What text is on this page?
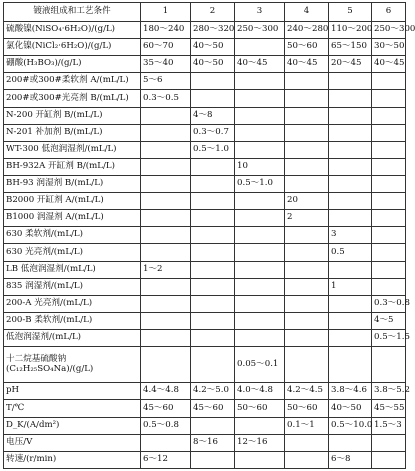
镀液组成和工艺条件	1	2	3	4	5	6
硫酸镍(NiSO₄·6H₂O)/(g/L)	180～240	280～320	250～300	240～280	110～200	250～300
氯化镍(NiCl₂·6H₂O)/(g/L)	60～70	40～50		50～60	65～150	30～50
硼酸(H₃BO₃)/(g/L)	35～40	40～50	40～45	40～45	20～45	40～45
200#或300#柔软剂 A/(mL/L)	5～6					
200#或300#光亮剂 B/(mL/L)	0.3～0.5					
N-200 开缸剂 B/(mL/L)		4～8				
N-201 补加剂 B/(mL/L)		0.3～0.7				
WT-300 低泡润湿剂/(mL/L)		0.5～1.0				
BH-932A 开缸剂 B/(mL/L)			10			
BH-93 润湿剂 B/(mL/L)			0.5～1.0			
B2000 开缸剂 A/(mL/L)				20		
B1000 润湿剂 A/(mL/L)				2		
630 柔软剂/(mL/L)					3	
630 光亮剂/(mL/L)					0.5	
LB 低泡润湿剂/(mL/L)	1～2					
835 润湿剂/(mL/L)					1	
200-A 光亮剂/(mL/L)						0.3～0.8
200-B 柔软剂/(mL/L)						4～5
低泡润湿剂/(mL/L)						0.5～1.5
十二烷基硫酸钠(C₁₂H₂₅SO₄Na)/(g/L)			0.05～0.1			
pH	4.4～4.8	4.2～5.0	4.0～4.8	4.2～4.5	3.8～4.6	3.8～5.2
T/℃	45～60	45～60	50～60	50～60	40～50	45～55
D_K/(A/dm²)	0.5～0.8			0.1～1	0.5～10.0	1.5～3
电压/V		8～16	12～16			
转速/(r/min)	6～12				6～8	
